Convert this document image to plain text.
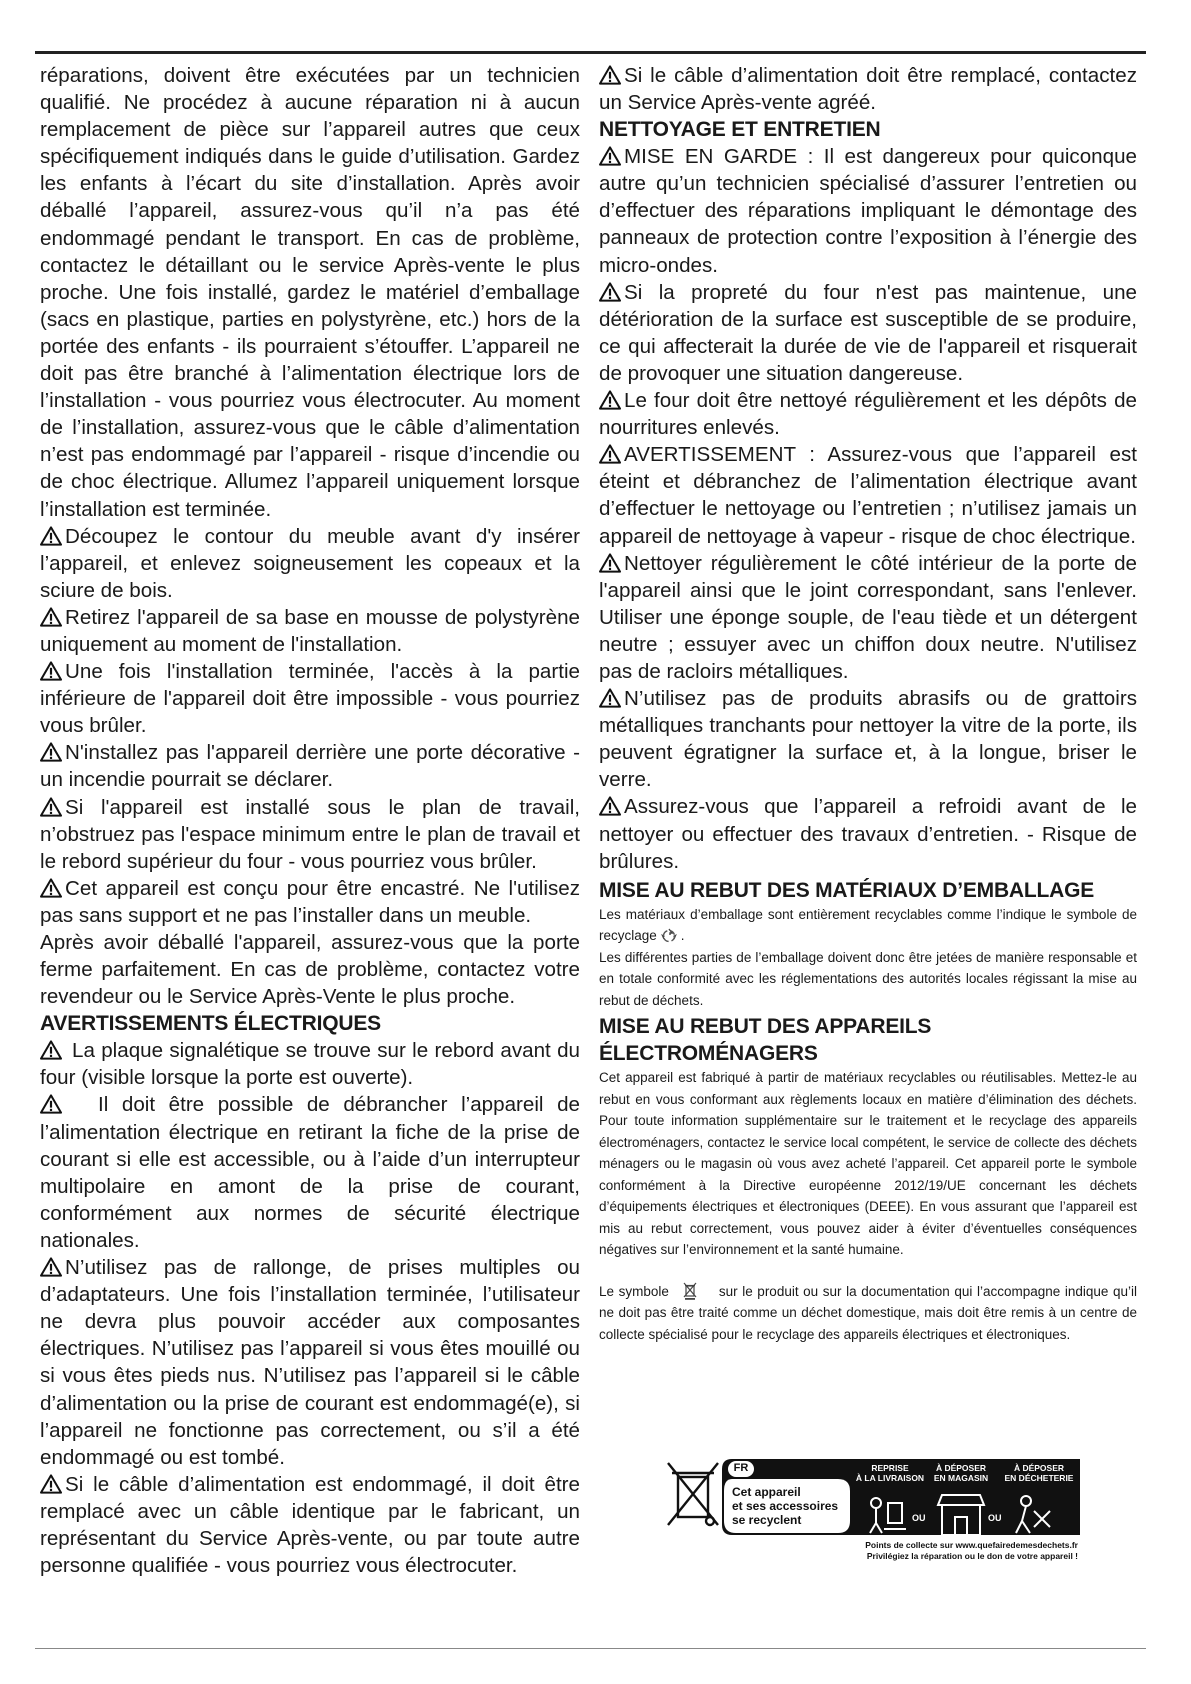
réparations, doivent être exécutées par un technicien qualifié. Ne procédez à aucune réparation ni à aucun remplacement de pièce sur l’appareil autres que ceux spécifiquement indiqués dans le guide d’utilisation. Gardez les enfants à l’écart du site d’installation. Après avoir déballé l’appareil, assurez-vous qu’il n’a pas été endommagé pendant le transport. En cas de problème, contactez le détaillant ou le service Après-vente le plus proche. Une fois installé, gardez le matériel d’emballage (sacs en plastique, parties en polystyrène, etc.) hors de la portée des enfants - ils pourraient s’étouffer. L’appareil ne doit pas être branché à l’alimentation électrique lors de l’installation - vous pourriez vous électrocuter. Au moment de l’installation, assurez-vous que le câble d’alimentation n’est pas endommagé par l’appareil - risque d’incendie ou de choc électrique. Allumez l’appareil uniquement lorsque l’installation est terminée.

Découpez le contour du meuble avant d'y insérer l’appareil, et enlevez soigneusement les copeaux et la sciure de bois.

Retirez l'appareil de sa base en mousse de polystyrène uniquement au moment de l'installation.

Une fois l'installation terminée, l'accès à la partie inférieure de l'appareil doit être impossible - vous pourriez vous brûler.

N'installez pas l'appareil derrière une porte décorative - un incendie pourrait se déclarer.

Si l'appareil est installé sous le plan de travail, n’obstruez pas l'espace minimum entre le plan de travail et le rebord supérieur du four - vous pourriez vous brûler.

Cet appareil est conçu pour être encastré. Ne l'utilisez pas sans support et ne pas l’installer dans un meuble.

Après avoir déballé l'appareil, assurez-vous que la porte ferme parfaitement. En cas de problème, contactez votre revendeur ou le Service Après-Vente le plus proche.

AVERTISSEMENTS ÉLECTRIQUES

La plaque signalétique se trouve sur le rebord avant du four (visible lorsque la porte est ouverte).

Il doit être possible de débrancher l’appareil de l’alimentation électrique en retirant la fiche de la prise de courant si elle est accessible, ou à l’aide d’un interrupteur multipolaire en amont de la prise de courant, conformément aux normes de sécurité électrique nationales.

N’utilisez pas de rallonge, de prises multiples ou d’adaptateurs. Une fois l’installation terminée, l’utilisateur ne devra plus pouvoir accéder aux composantes électriques. N’utilisez pas l’appareil si vous êtes mouillé ou si vous êtes pieds nus. N’utilisez pas l’appareil si le câble d’alimentation ou la prise de courant est endommagé(e), si l’appareil ne fonctionne pas correctement, ou s’il a été endommagé ou est tombé.

Si le câble d’alimentation est endommagé, il doit être remplacé avec un câble identique par le fabricant, un représentant du Service Après-vente, ou par toute autre personne qualifiée - vous pourriez vous électrocuter.

Si le câble d’alimentation doit être remplacé, contactez un Service Après-vente agréé.

NETTOYAGE ET ENTRETIEN

MISE EN GARDE : Il est dangereux pour quiconque autre qu’un technicien spécialisé d’assurer l’entretien ou d’effectuer des réparations impliquant le démontage des panneaux de protection contre l’exposition à l’énergie des micro-ondes.

Si la propreté du four n'est pas maintenue, une détérioration de la surface est susceptible de se produire, ce qui affecterait la durée de vie de l'appareil et risquerait de provoquer une situation dangereuse.

Le four doit être nettoyé régulièrement et les dépôts de nourritures enlevés.

AVERTISSEMENT : Assurez-vous que l’appareil est éteint et débranchez de l’alimentation électrique avant d’effectuer le nettoyage ou l’entretien ; n’utilisez jamais un appareil de nettoyage à vapeur - risque de choc électrique.

Nettoyer régulièrement le côté intérieur de la porte de l'appareil ainsi que le joint correspondant, sans l'enlever. Utiliser une éponge souple, de l'eau tiède et un détergent neutre ; essuyer avec un chiffon doux neutre. N'utilisez pas de racloirs métalliques.

N’utilisez pas de produits abrasifs ou de grattoirs métalliques tranchants pour nettoyer la vitre de la porte, ils peuvent égratigner la surface et, à la longue, briser le verre.

Assurez-vous que l’appareil a refroidi avant de le nettoyer ou effectuer des travaux d’entretien. - Risque de brûlures.

MISE AU REBUT DES MATÉRIAUX D’EMBALLAGE

Les matériaux d’emballage sont entièrement recyclables comme l’indique le symbole de recyclage .

Les différentes parties de l’emballage doivent donc être jetées de manière responsable et en totale conformité avec les réglementations des autorités locales régissant la mise au rebut de déchets.

MISE AU REBUT DES APPAREILS ÉLECTROMÉNAGERS

Cet appareil est fabriqué à partir de matériaux recyclables ou réutilisables. Mettez-le au rebut en vous conformant aux règlements locaux en matière d’élimination des déchets. Pour toute information supplémentaire sur le traitement et le recyclage des appareils électroménagers, contactez le service local compétent, le service de collecte des déchets ménagers ou le magasin où vous avez acheté l’appareil. Cet appareil porte le symbole conformément à la Directive européenne 2012/19/UE concernant les déchets d’équipements électriques et électroniques (DEEE). En vous assurant que l’appareil est mis au rebut correctement, vous pouvez aider à éviter d’éventuelles conséquences négatives sur l’environnement et la santé humaine.

Le symbole	sur le produit ou sur la documentation qui l’accompagne indique qu’il ne doit pas être traité comme un déchet domestique, mais doit être remis à un centre de collecte spécialisé pour le recyclage des appareils électriques et électroniques.

FR
Cet appareil
et ses accessoires
se recyclent
REPRISE
À LA LIVRAISON
À DÉPOSER
EN MAGASIN
À DÉPOSER
EN DÉCHETERIE
OU	OU
Points de collecte sur www.quefairedemesdechets.fr
Privilégiez la réparation ou le don de votre appareil !
